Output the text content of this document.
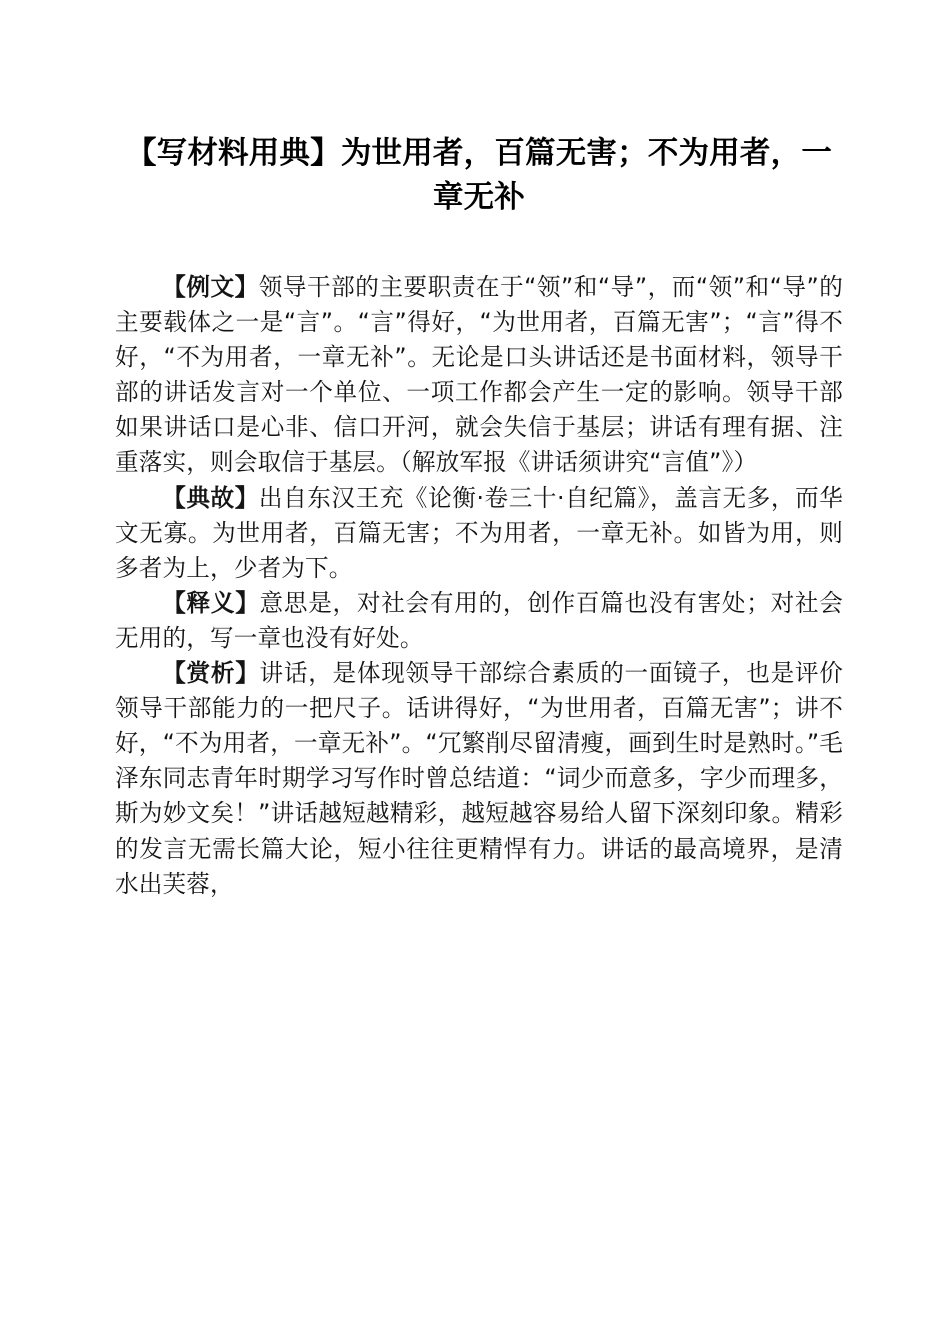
【写材料用典】为世用者，百篇无害；不为用者，一章无补

【例文】领导干部的主要职责在于“领”和“导”，而“领”和“导”的主要载体之一是“言”。“言”得好，“为世用者，百篇无害”；“言”得不好，“不为用者，一章无补”。无论是口头讲话还是书面材料，领导干部的讲话发言对一个单位、一项工作都会产生一定的影响。领导干部如果讲话口是心非、信口开河，就会失信于基层；讲话有理有据、注重落实，则会取信于基层。（解放军报《讲话须讲究“言值”》）

【典故】出自东汉王充《论衡·卷三十·自纪篇》，盖言无多，而华文无寡。为世用者，百篇无害；不为用者，一章无补。如皆为用，则多者为上，少者为下。

【释义】意思是，对社会有用的，创作百篇也没有害处；对社会无用的，写一章也没有好处。

【赏析】讲话，是体现领导干部综合素质的一面镜子，也是评价领导干部能力的一把尺子。话讲得好，“为世用者，百篇无害”；讲不好，“不为用者，一章无补”。“冗繁削尽留清瘦，画到生时是熟时。”毛泽东同志青年时期学习写作时曾总结道：“词少而意多，字少而理多，斯为妙文矣！”讲话越短越精彩，越短越容易给人留下深刻印象。精彩的发言无需长篇大论，短小往往更精悍有力。讲话的最高境界，是清水出芙蓉，
